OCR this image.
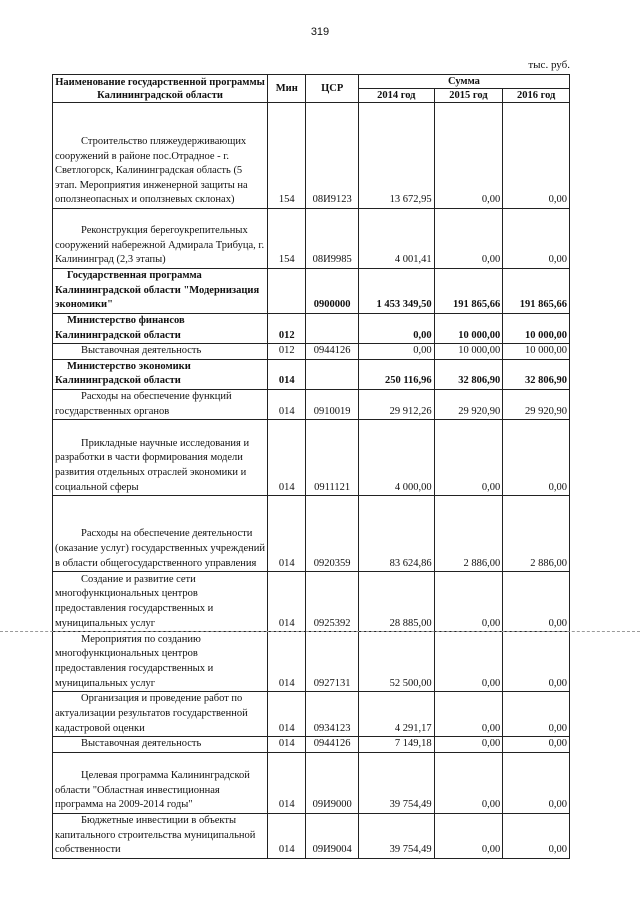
319
тыс. руб.
Наименование государственной программы Калининградской области	Мин	ЦСР	Сумма		
			2014 год	2015 год	2016 год
Строительство пляжеудерживающих сооружений в районе пос.Отрадное - г. Светлогорск, Калининградская область (5 этап. Мероприятия инженерной защиты на оползнеопасных и оползневых склонах)	154	08И9123	13 672,95	0,00	0,00
Реконструкция берегоукрепительных сооружений набережной Адмирала Трибуца, г. Калининград (2,3 этапы)	154	08И9985	4 001,41	0,00	0,00
Государственная программа Калининградской области "Модернизация экономики"		0900000	1 453 349,50	191 865,66	191 865,66
Министерство финансов Калининградской области	012		0,00	10 000,00	10 000,00
Выставочная деятельность	012	0944126	0,00	10 000,00	10 000,00
Министерство экономики Калининградской области	014		250 116,96	32 806,90	32 806,90
Расходы на обеспечение функций государственных органов	014	0910019	29 912,26	29 920,90	29 920,90
Прикладные научные исследования и разработки в части формирования модели развития отдельных отраслей экономики и социальной сферы	014	0911121	4 000,00	0,00	0,00
Расходы на обеспечение деятельности (оказание услуг) государственных учреждений в области общегосударственного управления	014	0920359	83 624,86	2 886,00	2 886,00
Создание и развитие сети многофункциональных центров предоставления государственных и муниципальных услуг	014	0925392	28 885,00	0,00	0,00
Мероприятия по созданию многофункциональных центров предоставления государственных и муниципальных услуг	014	0927131	52 500,00	0,00	0,00
Организация и проведение работ по актуализации результатов государственной кадастровой оценки	014	0934123	4 291,17	0,00	0,00
Выставочная деятельность	014	0944126	7 149,18	0,00	0,00
Целевая программа Калининградской области "Областная инвестиционная программа на 2009-2014 годы"	014	09И9000	39 754,49	0,00	0,00
Бюджетные инвестиции в объекты капитального строительства муниципальной собственности	014	09И9004	39 754,49	0,00	0,00
